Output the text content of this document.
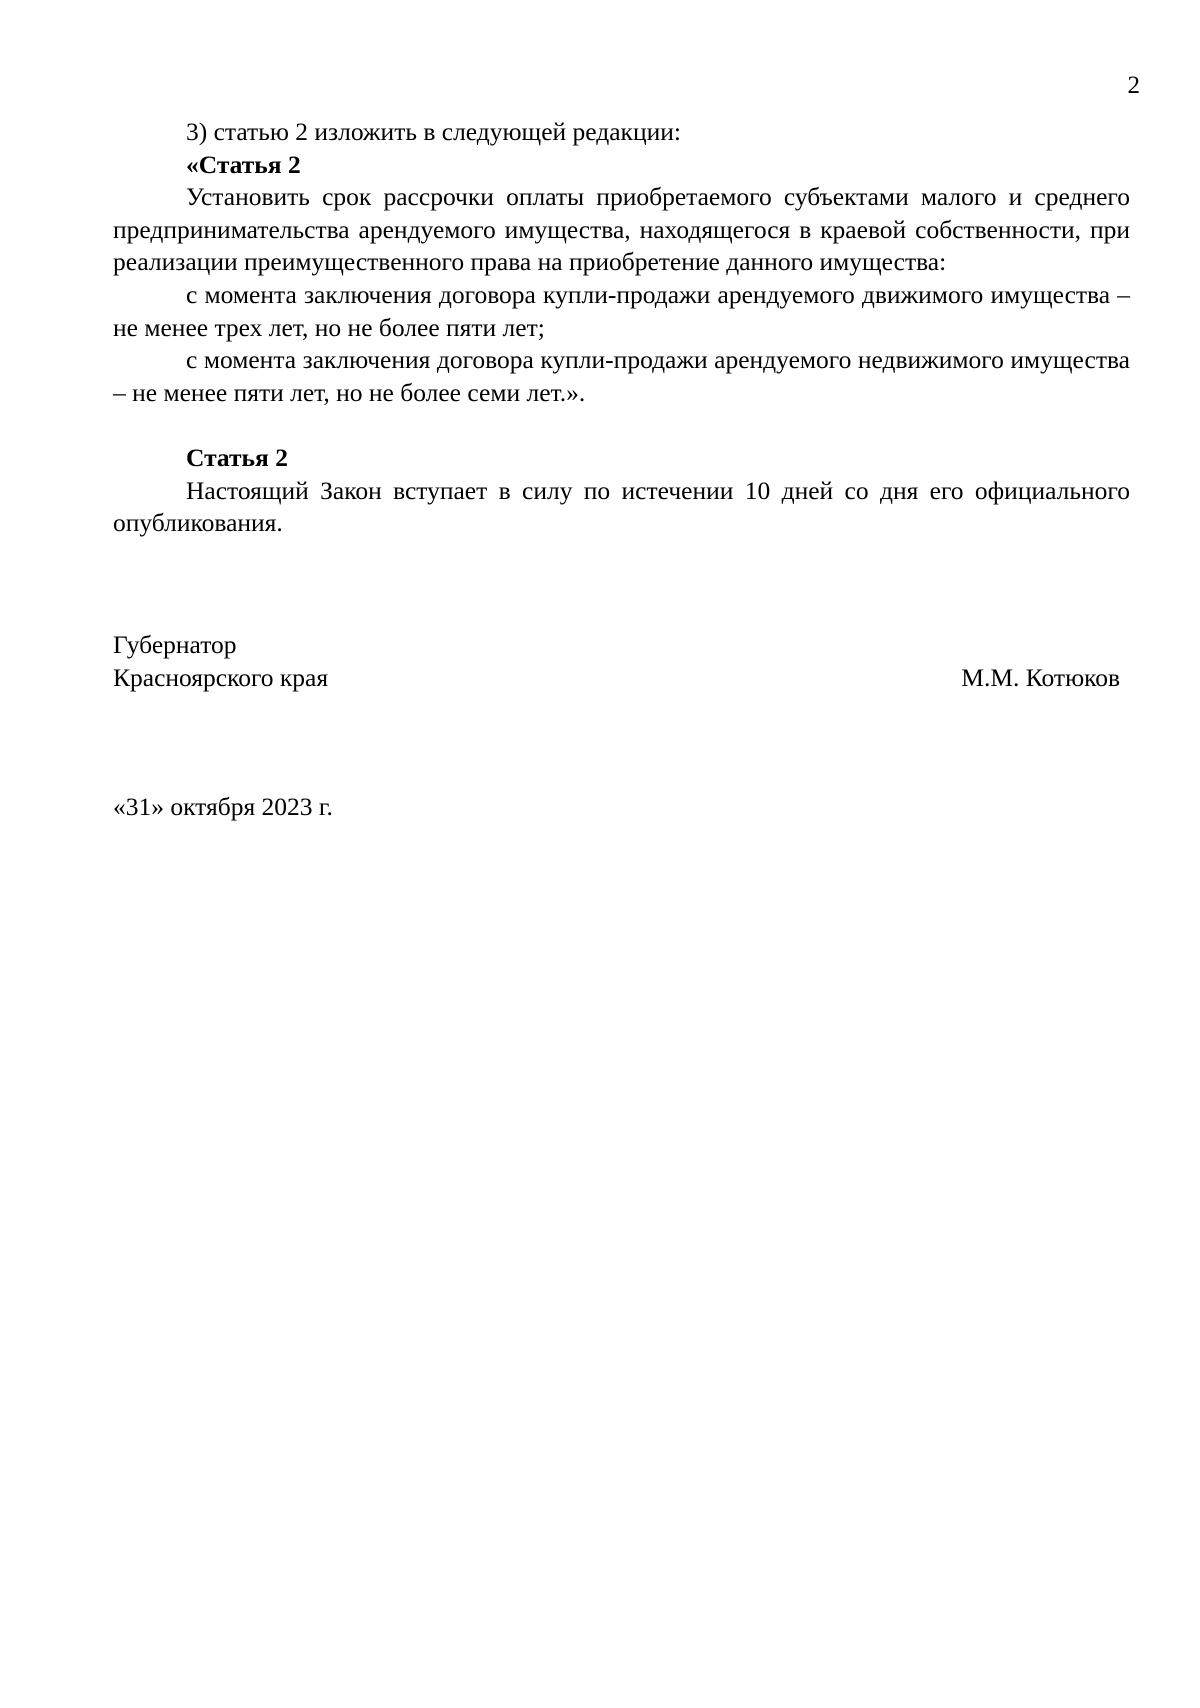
2

3) статью 2 изложить в следующей редакции:

«Статья 2

Установить срок рассрочки оплаты приобретаемого субъектами малого и среднего предпринимательства арендуемого имущества, находящегося в краевой собственности, при реализации преимущественного права на приобретение данного имущества:

с момента заключения договора купли-продажи арендуемого движимого имущества – не менее трех лет, но не более пяти лет;

с момента заключения договора купли-продажи арендуемого недвижимого имущества – не менее пяти лет, но не более семи лет.».

Статья 2

Настоящий Закон вступает в силу по истечении 10 дней со дня его официального опубликования.

Губернатор
Красноярского края	М.М. Котюков
«31» октября 2023 г.
